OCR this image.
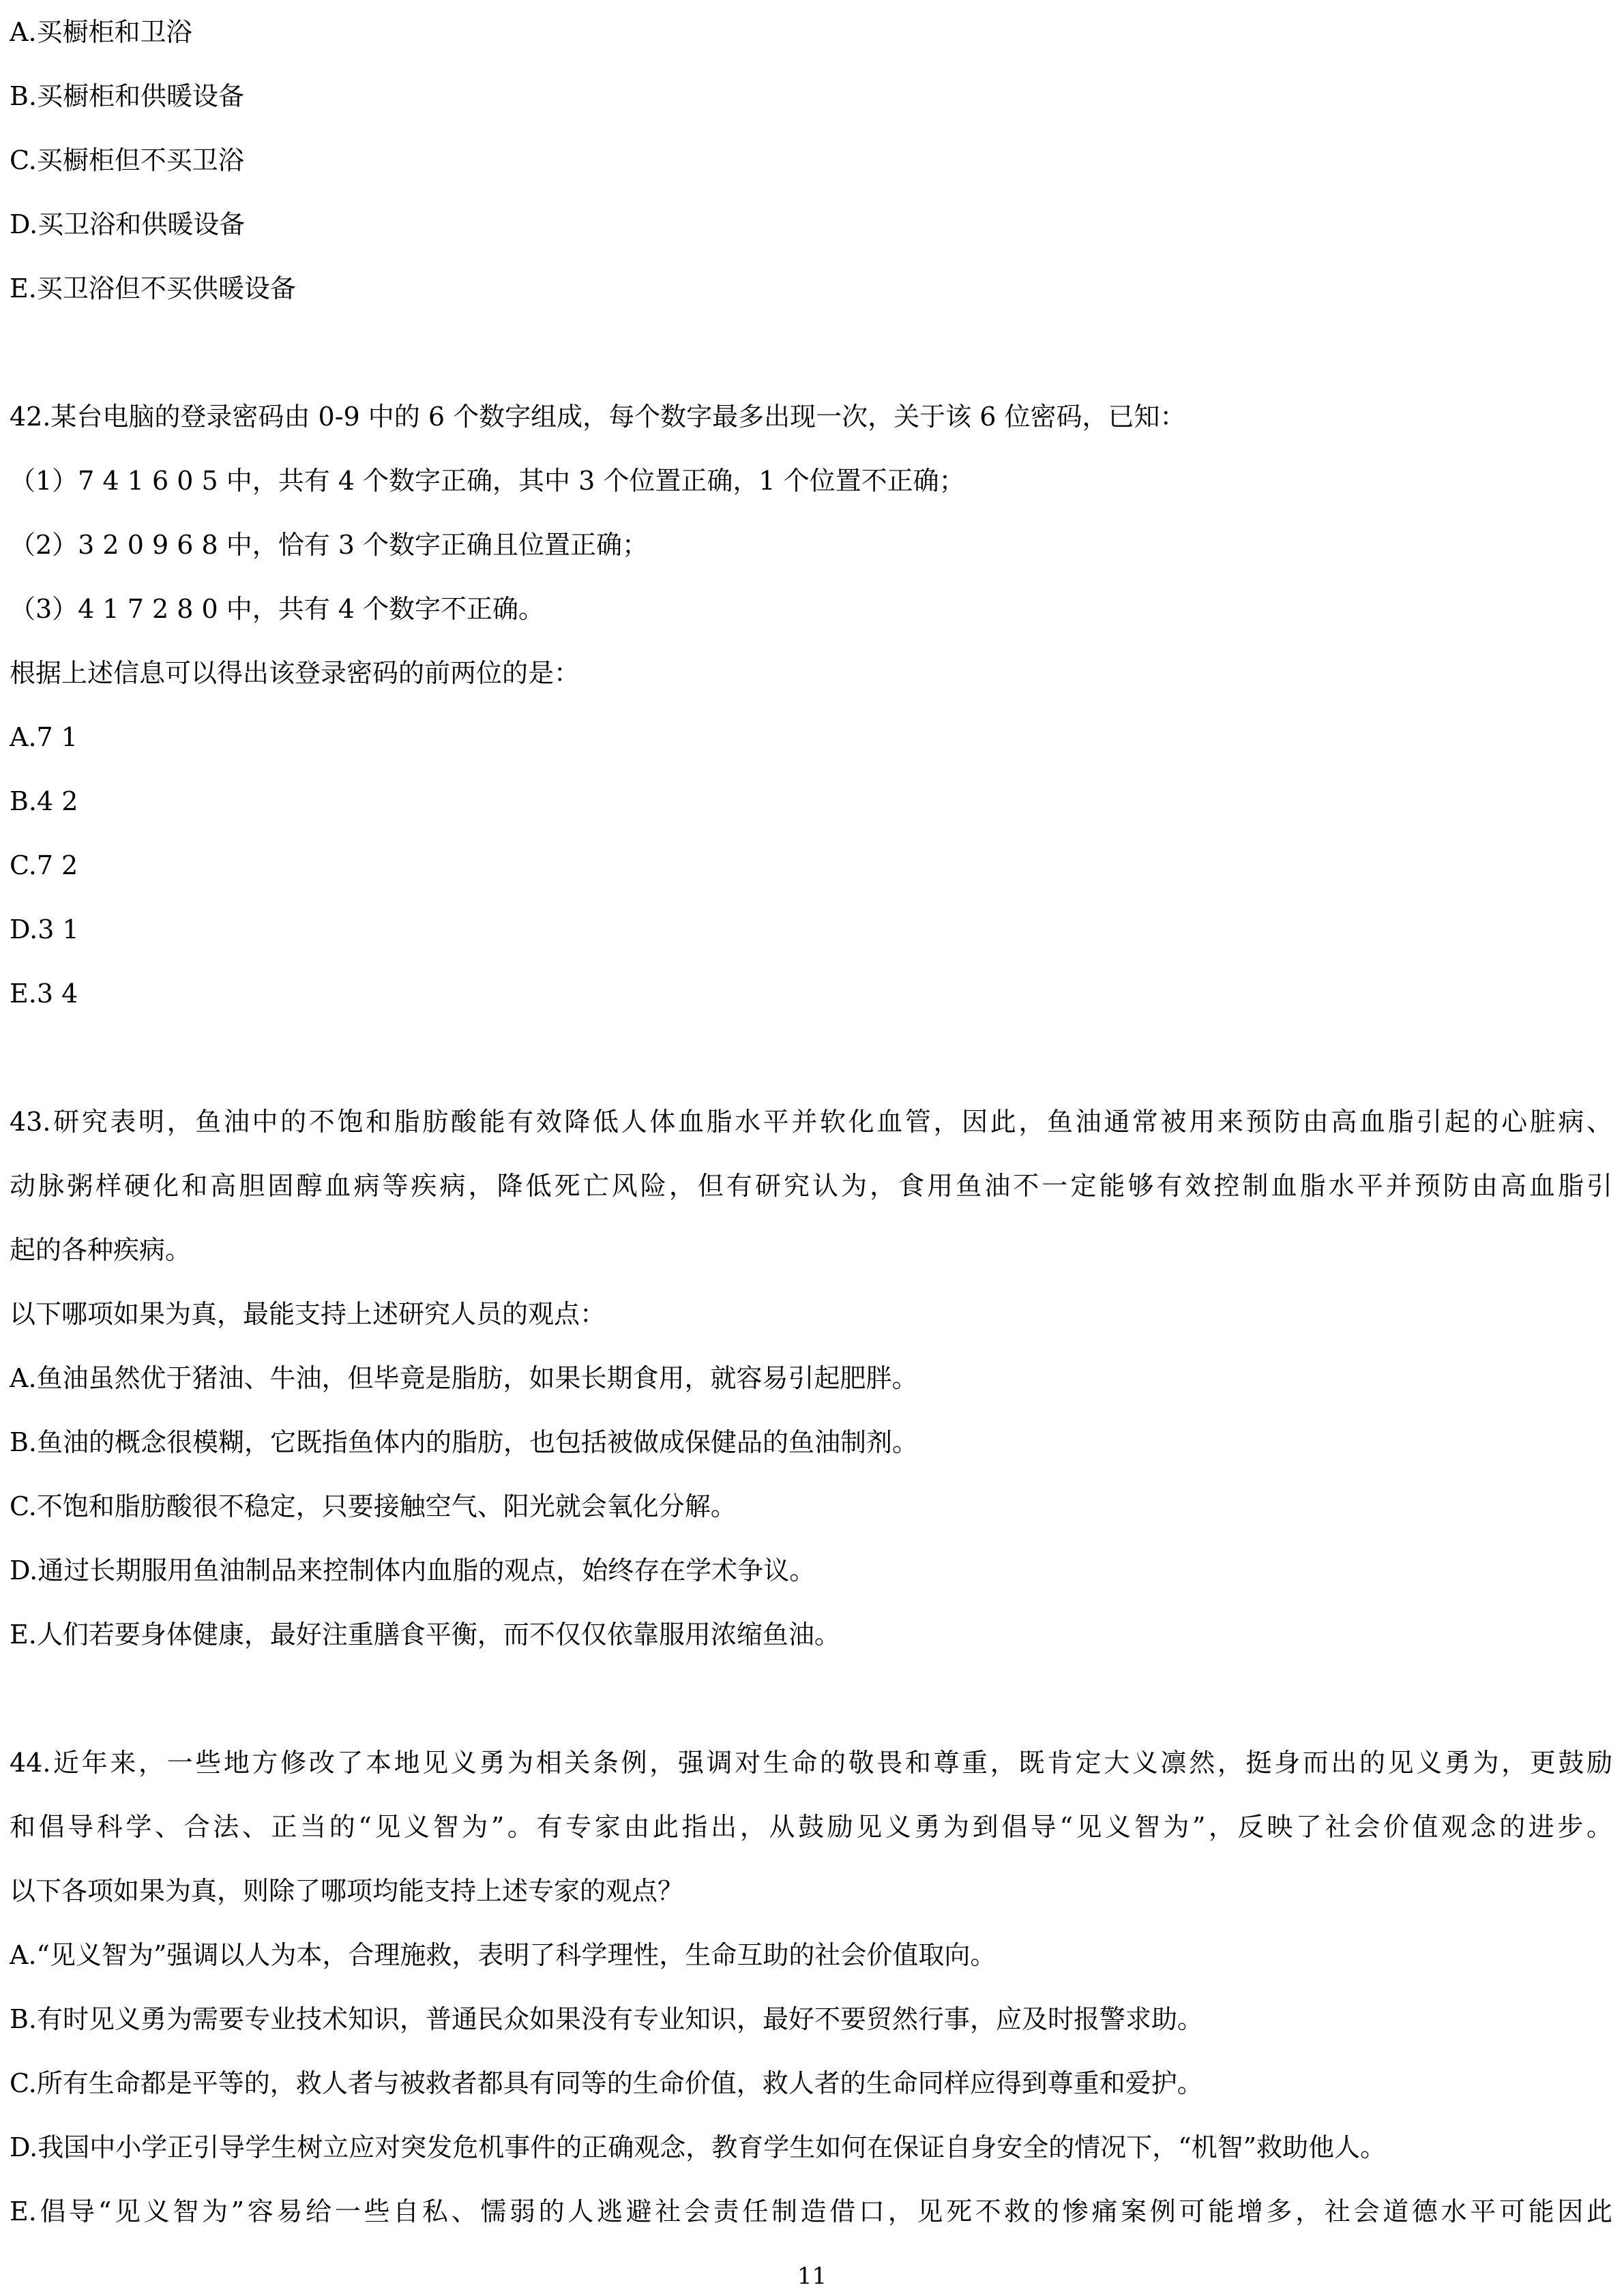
A.买橱柜和卫浴
B.买橱柜和供暖设备
C.买橱柜但不买卫浴
D.买卫浴和供暖设备
E.买卫浴但不买供暖设备
42.某台电脑的登录密码由 0-9 中的 6 个数字组成，每个数字最多出现一次，关于该 6 位密码，已知：
（1）7 4 1 6 0 5 中，共有 4 个数字正确，其中 3 个位置正确，1 个位置不正确；
（2）3 2 0 9 6 8 中，恰有 3 个数字正确且位置正确；
（3）4 1 7 2 8 0 中，共有 4 个数字不正确。
根据上述信息可以得出该登录密码的前两位的是：
A.7 1
B.4 2
C.7 2
D.3 1
E.3 4
43.研究表明，鱼油中的不饱和脂肪酸能有效降低人体血脂水平并软化血管，因此，鱼油通常被用来预防由高血脂引起的心脏病、
动脉粥样硬化和高胆固醇血病等疾病，降低死亡风险，但有研究认为，食用鱼油不一定能够有效控制血脂水平并预防由高血脂引
起的各种疾病。
以下哪项如果为真，最能支持上述研究人员的观点：
A.鱼油虽然优于猪油、牛油，但毕竟是脂肪，如果长期食用，就容易引起肥胖。
B.鱼油的概念很模糊，它既指鱼体内的脂肪，也包括被做成保健品的鱼油制剂。
C.不饱和脂肪酸很不稳定，只要接触空气、阳光就会氧化分解。
D.通过长期服用鱼油制品来控制体内血脂的观点，始终存在学术争议。
E.人们若要身体健康，最好注重膳食平衡，而不仅仅依靠服用浓缩鱼油。
44.近年来，一些地方修改了本地见义勇为相关条例，强调对生命的敬畏和尊重，既肯定大义凛然，挺身而出的见义勇为，更鼓励
和倡导科学、合法、正当的“见义智为”。有专家由此指出，从鼓励见义勇为到倡导“见义智为”，反映了社会价值观念的进步。
以下各项如果为真，则除了哪项均能支持上述专家的观点？
A.“见义智为”强调以人为本，合理施救，表明了科学理性，生命互助的社会价值取向。
B.有时见义勇为需要专业技术知识，普通民众如果没有专业知识，最好不要贸然行事，应及时报警求助。
C.所有生命都是平等的，救人者与被救者都具有同等的生命价值，救人者的生命同样应得到尊重和爱护。
D.我国中小学正引导学生树立应对突发危机事件的正确观念，教育学生如何在保证自身安全的情况下，“机智”救助他人。
E.倡导“见义智为”容易给一些自私、懦弱的人逃避社会责任制造借口，见死不救的惨痛案例可能增多，社会道德水平可能因此
11
